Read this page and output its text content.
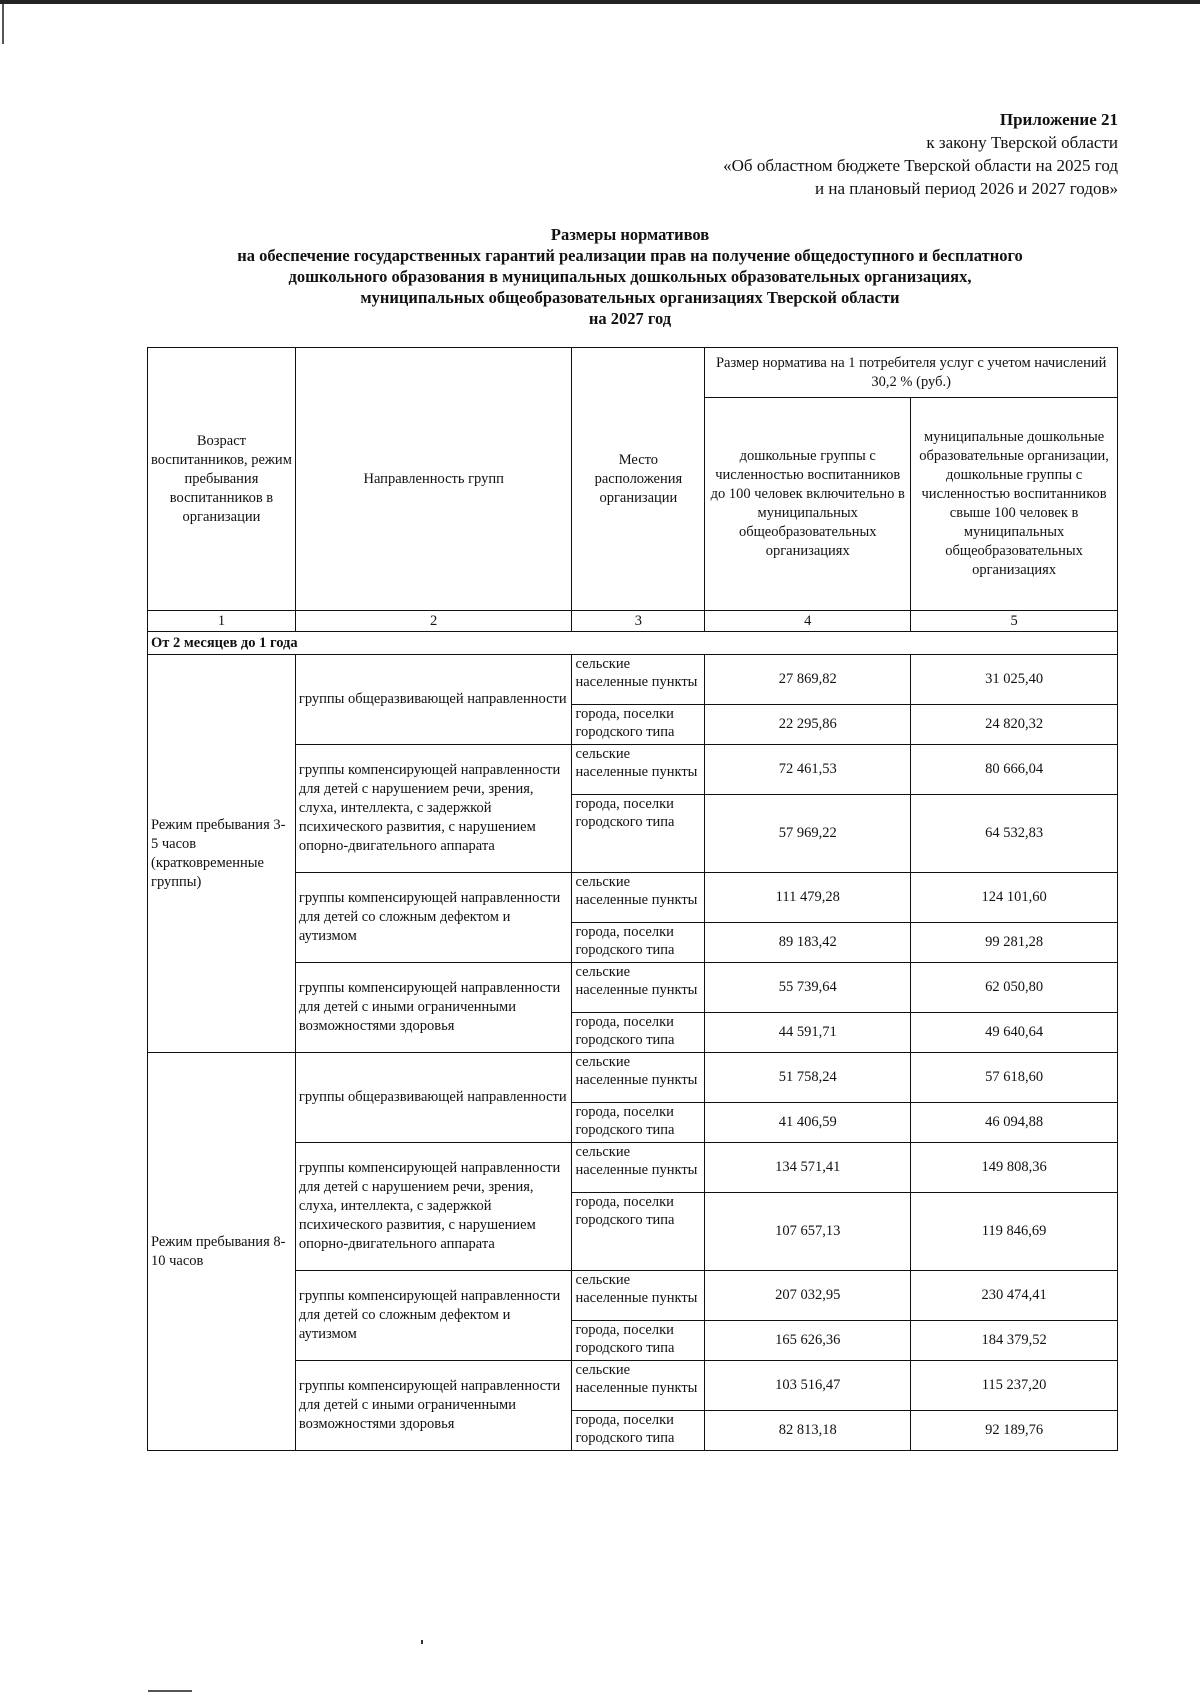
Приложение 21
к закону Тверской области
«Об областном бюджете Тверской области на 2025 год
и на плановый период 2026 и 2027 годов»
Размеры нормативов
на обеспечение государственных гарантий реализации прав на получение общедоступного и бесплатного
дошкольного образования в муниципальных дошкольных образовательных организациях,
муниципальных общеобразовательных организациях Тверской области
на 2027 год
Возраст воспитанников, режим пребывания воспитанников в организации	Направленность групп	Место расположения организации	Размер норматива на 1 потребителя услуг с учетом начислений 30,2 % (руб.)	
			дошкольные группы с численностью воспитанников до 100 человек включительно в муниципальных общеобразовательных организациях	муниципальные дошкольные образовательные организации, дошкольные группы с численностью воспитанников свыше 100 человек в муниципальных общеобразовательных организациях
1	2	3	4	5
От 2 месяцев до 1 года				
Режим пребывания 3-5 часов (кратковременные группы)	группы общеразвивающей направленности	сельские населенные пункты	27 869,82	31 025,40
		города, поселки городского типа	22 295,86	24 820,32
	группы компенсирующей направленности для детей с нарушением речи, зрения, слуха, интеллекта, с задержкой психического развития, с нарушением опорно-двигательного аппарата	сельские населенные пункты	72 461,53	80 666,04
		города, поселки городского типа	57 969,22	64 532,83
	группы компенсирующей направленности для детей со сложным дефектом и аутизмом	сельские населенные пункты	111 479,28	124 101,60
		города, поселки городского типа	89 183,42	99 281,28
	группы компенсирующей направленности для детей с иными ограниченными возможностями здоровья	сельские населенные пункты	55 739,64	62 050,80
		города, поселки городского типа	44 591,71	49 640,64
Режим пребывания 8- 10 часов	группы общеразвивающей направленности	сельские населенные пункты	51 758,24	57 618,60
		города, поселки городского типа	41 406,59	46 094,88
	группы компенсирующей направленности для детей с нарушением речи, зрения, слуха, интеллекта, с задержкой психического развития, с нарушением опорно-двигательного аппарата	сельские населенные пункты	134 571,41	149 808,36
		города, поселки городского типа	107 657,13	119 846,69
	группы компенсирующей направленности для детей со сложным дефектом и аутизмом	сельские населенные пункты	207 032,95	230 474,41
		города, поселки городского типа	165 626,36	184 379,52
	группы компенсирующей направленности для детей с иными ограниченными возможностями здоровья	сельские населенные пункты	103 516,47	115 237,20
		города, поселки городского типа	82 813,18	92 189,76
